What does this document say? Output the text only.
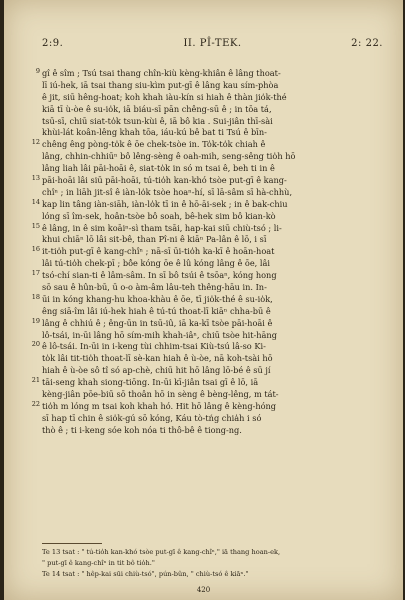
2:9.	II. PÎ-TEK.	2: 22.
9 gî ê sîm ; Tsú tsai thang chîn-kiù kèng-khiân ê lâng thoat-
lī iú-hek, iā tsai thang siu-kìm put-gī ê lâng kau sím-phòa
ê jit, siū hêng-hoat; koh khah iàu-kín si hiah ê thàn jio̍k-thé
kiā tī ù-òe ê su-io̍k, iā biáu-sī pān chêng-sū ê ; in tōa tá,
tsū-sī, chiū siat-to̍k tsun-kùi ê, iā bô kia . Sui-jiân thī-sài
khùi-lát koân-lêng khah tōa, iáu-kú bê bat ti Tsú ê bīn-
12 chêng êng pòng-to̍k ê ōe chek-tsòe in. To̍k-to̍k chiah ê
lâng, chhin-chhiūⁿ bô lêng-sèng ê oah-mih, seng-sêng tio̍h hō
lâng liah lâi pāi-hoāi ê, siat-to̍k in só m tsai ê, beh ti in ê
13 pāi-hoāi lâi siū pāi-hoāi, tú-tio̍h kan-khó tsòe put-gī ê kang-
chîⁿ ; in liāh jit-sî ê iàn-lo̍k tsòe hoaⁿ-hí, sī lā-sâm sī hà-chhù,
14 kap lin tâng iàn-siāh, iàn-lo̍k tī in ê hō-āi-sek ; in ê bak-chiu
lóng sī îm-sek, hoân-tsòe bô soah, bê-hek sim bô kian-kò
15 ê lâng, in ê sim koāiⁿ-sì tham tsāi, hap-kai siū chiù-tsó ; li-
khui chiāⁿ lō lâi sit-bê, than Pî-ni ê kiāⁿ Pa-lân ê lō, i sī
16 it-tio̍h put-gī ê kang-chîⁿ ; nā-sī ūi-tio̍h ka-kī ê hoān-hoat
lâi tú-tio̍h chek-pī ; bô̍e kóng ōe ê lû kóng lâng ê ōe, lâi
17 tsó-chí sian-ti ê lâm-sâm. In sī bô tsúi ê tsōaⁿ, kóng hong
sō sau ê hûn-bū, ū o-o àm-âm lâu-teh thêng-hāu in. In-
18 ūi in kóng khang-hu khoa-khàu ê ōe, tī jio̍k-thé ê su-io̍k,
êng siā-îm lâi iú-hek hiah ê tú-tú thoat-lī kiāⁿ chha-bū ê
19 lâng ê chhiú ê ; êng-ūn in tsū-iû, iā ka-kī tsòe pāi-hoāi ê
lô-tsái, in-ūi lâng hō sím-mih khah-iâⁿ, chiū tsòe hit-hāng
20 ê lô-tsái. In-ūi in i-keng tùi chhim-tsai Kiù-tsú lâ-so Ki-
to̍k lâi tit-tio̍h thoat-lī sè-kan hiah ê ù-òe, nā koh-tsài hō
hiah ê ù-òe sô tî só ap-chè, chiū hit hō lâng lō-bé ê sū jí
21 tāi-seng khah siong-tiōng. In-ūi kī-jiân tsai gī ê lō, iā
kèng-jiân pōe-biū sō thoân hō in sèng ê bèng-lêng, m tát-
22 tio̍h m lóng m tsai koh khah hó. Hit hō lâng ê kèng-hóng
sī hap tī chin ê sio̍k-gú sō kóng, Káu tò-tńg chia̍h i só
thò ê ; ti i-keng sóe koh nóa ti thô-bê ê tiong-ng.
Te 13 tsat : " tú-tio̍h kan-khó tsòe put-gī ê kang-chîⁿ," iā thang hoan-ek,
" put-gī ê kang-chîⁿ in tit bô tio̍h."
Te 14 tsat : " hêp-kai sūi chiù-tsó", pún-bûn, " chiù-tsó ê kiāⁿ."
420
